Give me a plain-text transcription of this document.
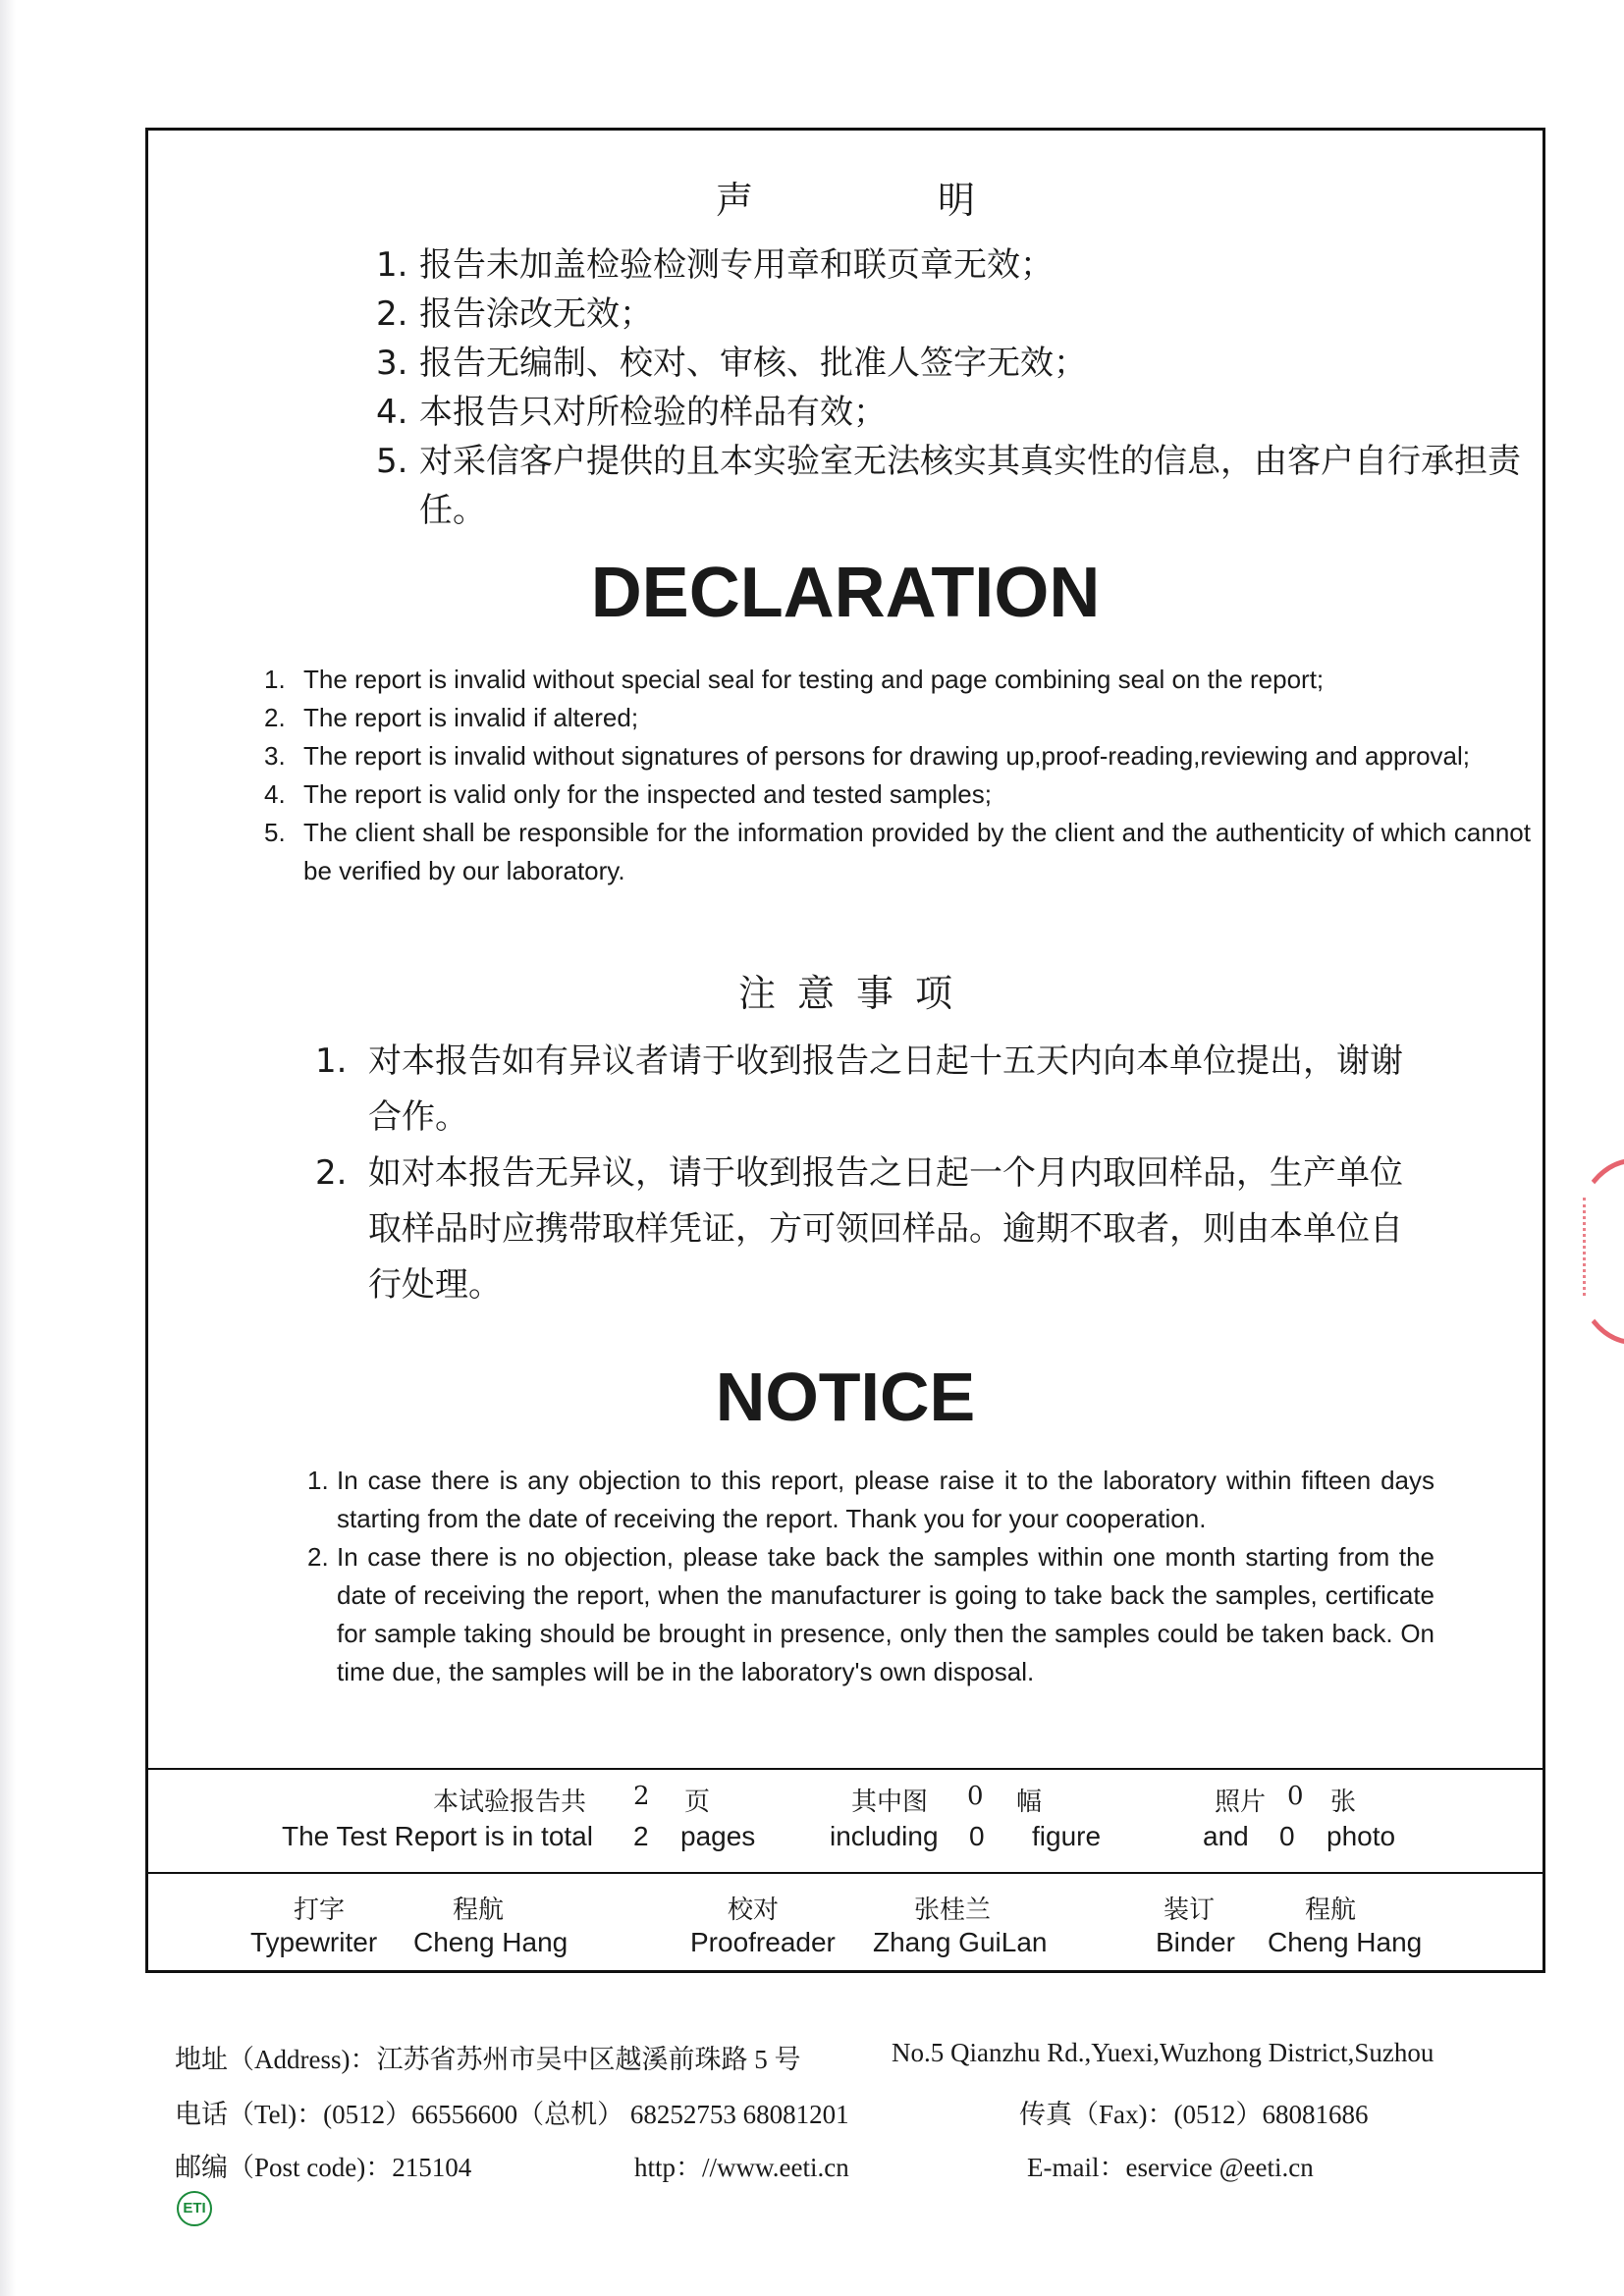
声 明
1. 报告未加盖检验检测专用章和联页章无效；
2. 报告涂改无效；
3. 报告无编制、校对、审核、批准人签字无效；
4. 本报告只对所检验的样品有效；
5. 对采信客户提供的且本实验室无法核实其真实性的信息，由客户自行承担责任。
DECLARATION
1. The report is invalid without special seal for testing and page combining seal on the report;
2. The report is invalid if altered;
3. The report is invalid without signatures of persons for drawing up,proof-reading,reviewing and approval;
4. The report is valid only for the inspected and tested samples;
5. The client shall be responsible for the information provided by the client and the authenticity of which cannot be verified by our laboratory.
注意事项
1. 对本报告如有异议者请于收到报告之日起十五天内向本单位提出，谢谢合作。
2. 如对本报告无异议，请于收到报告之日起一个月内取回样品，生产单位取样品时应携带取样凭证，方可领回样品。逾期不取者，则由本单位自行处理。
NOTICE
1. In case there is any objection to this report, please raise it to the laboratory within fifteen days starting from the date of receiving the report. Thank you for your cooperation.
2. In case there is no objection, please take back the samples within one month starting from the date of receiving the report, when the manufacturer is going to take back the samples, certificate for sample taking should be brought in presence, only then the samples could be taken back. On time due, the samples will be in the laboratory's own disposal.
本试验报告共 2 页	其中图 0 幅	照片 0 张
The Test Report is in total 2 pages	including 0 figure	and 0 photo
打字	程航	校对	张桂兰	装订	程航
Typewriter Cheng Hang	Proofreader Zhang GuiLan	Binder Cheng Hang
地址（Address)：江苏省苏州市吴中区越溪前珠路 5 号	No.5 Qianzhu Rd.,Yuexi,Wuzhong District,Suzhou
电话（Tel)：(0512）66556600（总机） 68252753 68081201	传真（Fax)：(0512）68081686
邮编（Post code)：215104	http：//www.eeti.cn	E-mail：eservice @eeti.cn
ETI
